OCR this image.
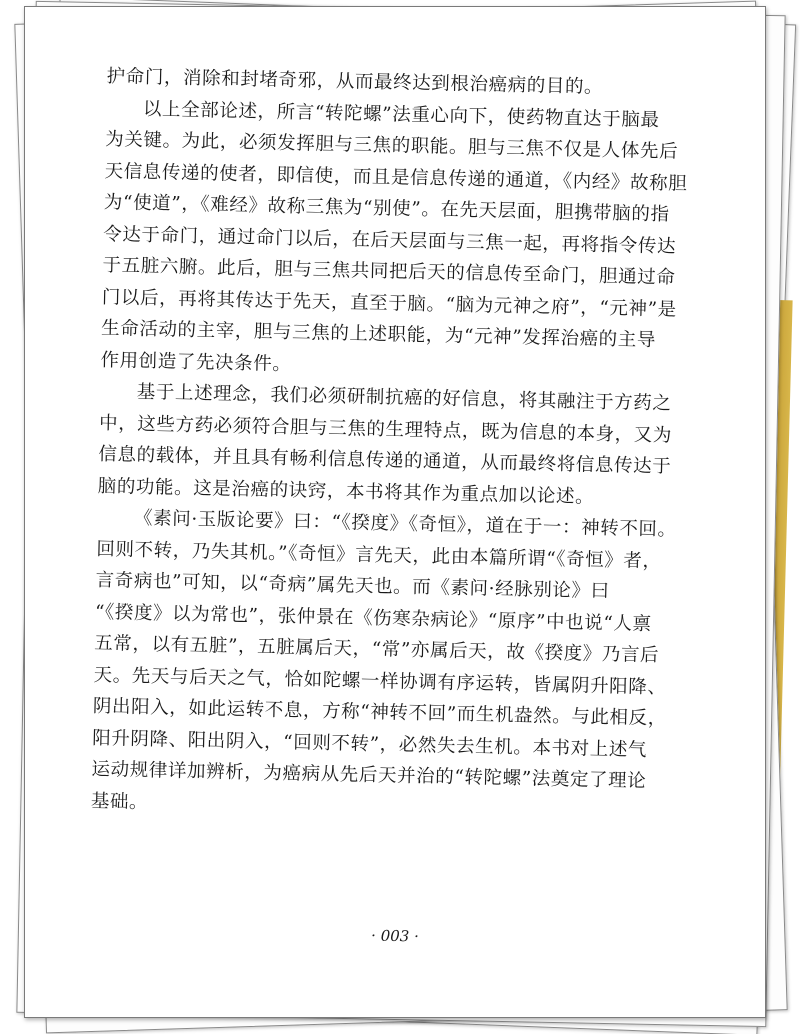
护命门，消除和封堵奇邪，从而最终达到根治癌病的目的。
以上全部论述，所言“转陀螺”法重心向下，使药物直达于脑最
为关键。为此，必须发挥胆与三焦的职能。胆与三焦不仅是人体先后
天信息传递的使者，即信使，而且是信息传递的通道，《内经》故称胆
为“使道”，《难经》故称三焦为“别使”。在先天层面，胆携带脑的指
令达于命门，通过命门以后，在后天层面与三焦一起，再将指令传达
于五脏六腑。此后，胆与三焦共同把后天的信息传至命门，胆通过命
门以后，再将其传达于先天，直至于脑。“脑为元神之府”，“元神”是
生命活动的主宰，胆与三焦的上述职能，为“元神”发挥治癌的主导
作用创造了先决条件。
基于上述理念，我们必须研制抗癌的好信息，将其融注于方药之
中，这些方药必须符合胆与三焦的生理特点，既为信息的本身，又为
信息的载体，并且具有畅利信息传递的通道，从而最终将信息传达于
脑的功能。这是治癌的诀窍，本书将其作为重点加以论述。
《素问·玉版论要》曰：“《揆度》《奇恒》，道在于一：神转不回。
回则不转，乃失其机。”《奇恒》言先天，此由本篇所谓“《奇恒》者，
言奇病也”可知，以“奇病”属先天也。而《素问·经脉别论》曰
“《揆度》以为常也”，张仲景在《伤寒杂病论》“原序”中也说“人禀
五常，以有五脏”，五脏属后天，“常”亦属后天，故《揆度》乃言后
天。先天与后天之气，恰如陀螺一样协调有序运转，皆属阴升阳降、
阴出阳入，如此运转不息，方称“神转不回”而生机盎然。与此相反，
阳升阴降、阳出阴入，“回则不转”，必然失去生机。本书对上述气
运动规律详加辨析，为癌病从先后天并治的“转陀螺”法奠定了理论
基础。
· 003 ·
